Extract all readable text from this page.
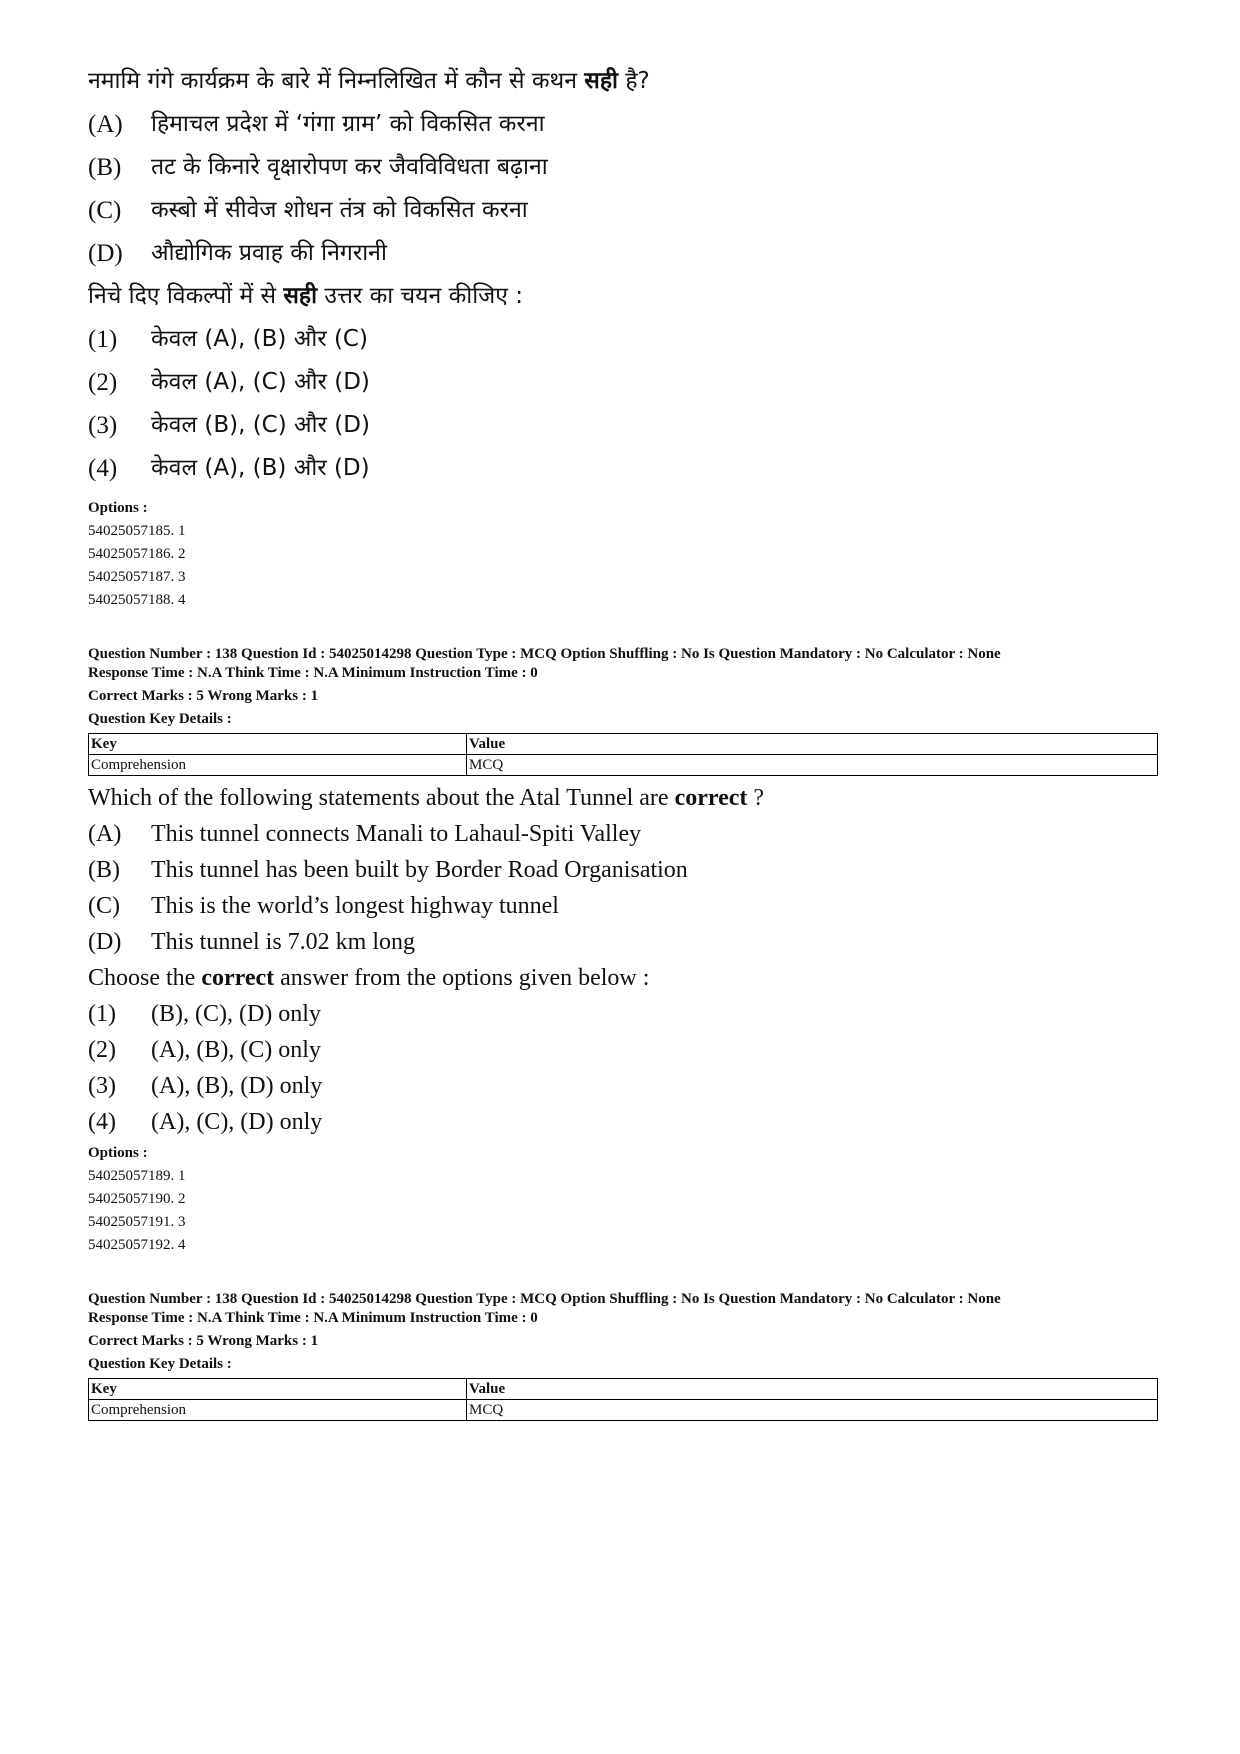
नमामि गंगे कार्यक्रम के बारे में निम्नलिखित में कौन से कथन सही है?

(A)	हिमाचल प्रदेश में ‘गंगा ग्राम’ को विकसित करना
(B)	तट के किनारे वृक्षारोपण कर जैवविविधता बढ़ाना
(C)	कस्बो में सीवेज शोधन तंत्र को विकसित करना
(D)	औद्योगिक प्रवाह की निगरानी

निचे दिए विकल्पों में से सही उत्तर का चयन कीजिए :

(1)	केवल (A), (B) और (C)
(2)	केवल (A), (C) और (D)
(3)	केवल (B), (C) और (D)
(4)	केवल (A), (B) और (D)
Options :
54025057185. 1
54025057186. 2
54025057187. 3
54025057188. 4
Question Number : 138 Question Id : 54025014298 Question Type : MCQ Option Shuffling : No Is Question Mandatory : No Calculator : None
Response Time : N.A Think Time : N.A Minimum Instruction Time : 0
Correct Marks : 5 Wrong Marks : 1
Question Key Details :
Key	Value
Comprehension	MCQ

Which of the following statements about the Atal Tunnel are correct ?

(A)	This tunnel connects Manali to Lahaul-Spiti Valley
(B)	This tunnel has been built by Border Road Organisation
(C)	This is the world’s longest highway tunnel
(D)	This tunnel is 7.02 km long

Choose the correct answer from the options given below :

(1)	(B), (C), (D) only
(2)	(A), (B), (C) only
(3)	(A), (B), (D) only
(4)	(A), (C), (D) only
Options :
54025057189. 1
54025057190. 2
54025057191. 3
54025057192. 4
Question Number : 138 Question Id : 54025014298 Question Type : MCQ Option Shuffling : No Is Question Mandatory : No Calculator : None
Response Time : N.A Think Time : N.A Minimum Instruction Time : 0
Correct Marks : 5 Wrong Marks : 1
Question Key Details :
Key	Value
Comprehension	MCQ
